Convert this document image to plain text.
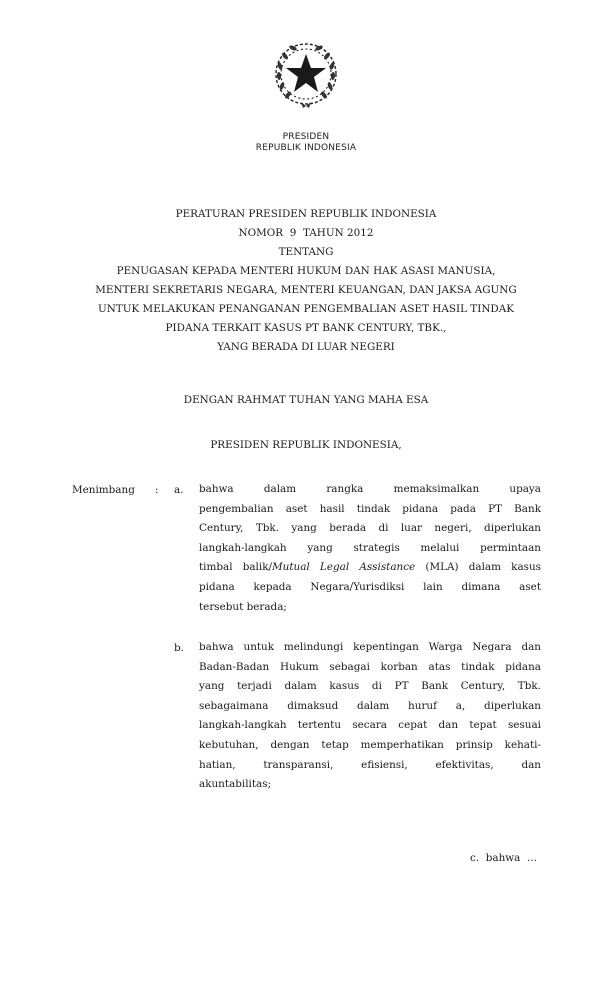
PRESIDEN
REPUBLIK INDONESIA
PERATURAN PRESIDEN REPUBLIK INDONESIA
NOMOR  9  TAHUN 2012
TENTANG
PENUGASAN KEPADA MENTERI HUKUM DAN HAK ASASI MANUSIA,
MENTERI SEKRETARIS NEGARA, MENTERI KEUANGAN, DAN JAKSA AGUNG
UNTUK MELAKUKAN PENANGANAN PENGEMBALIAN ASET HASIL TINDAK
PIDANA TERKAIT KASUS PT BANK CENTURY, TBK.,
YANG BERADA DI LUAR NEGERI
DENGAN RAHMAT TUHAN YANG MAHA ESA
PRESIDEN REPUBLIK INDONESIA,
Menimbang : a. bahwa dalam rangka memaksimalkan upaya
pengembalian aset hasil tindak pidana pada PT Bank
Century, Tbk. yang berada di luar negeri, diperlukan
langkah-langkah yang strategis melalui permintaan
timbal balik/Mutual Legal Assistance (MLA) dalam kasus
pidana kepada Negara/Yurisdiksi lain dimana aset
tersebut berada;
b. bahwa untuk melindungi kepentingan Warga Negara dan
Badan-Badan Hukum sebagai korban atas tindak pidana
yang terjadi dalam kasus di PT Bank Century, Tbk.
sebagaimana dimaksud dalam huruf a, diperlukan
langkah-langkah tertentu secara cepat dan tepat sesuai
kebutuhan, dengan tetap memperhatikan prinsip kehati-
hatian, transparansi, efisiensi, efektivitas, dan
akuntabilitas;
c.  bahwa  ...
